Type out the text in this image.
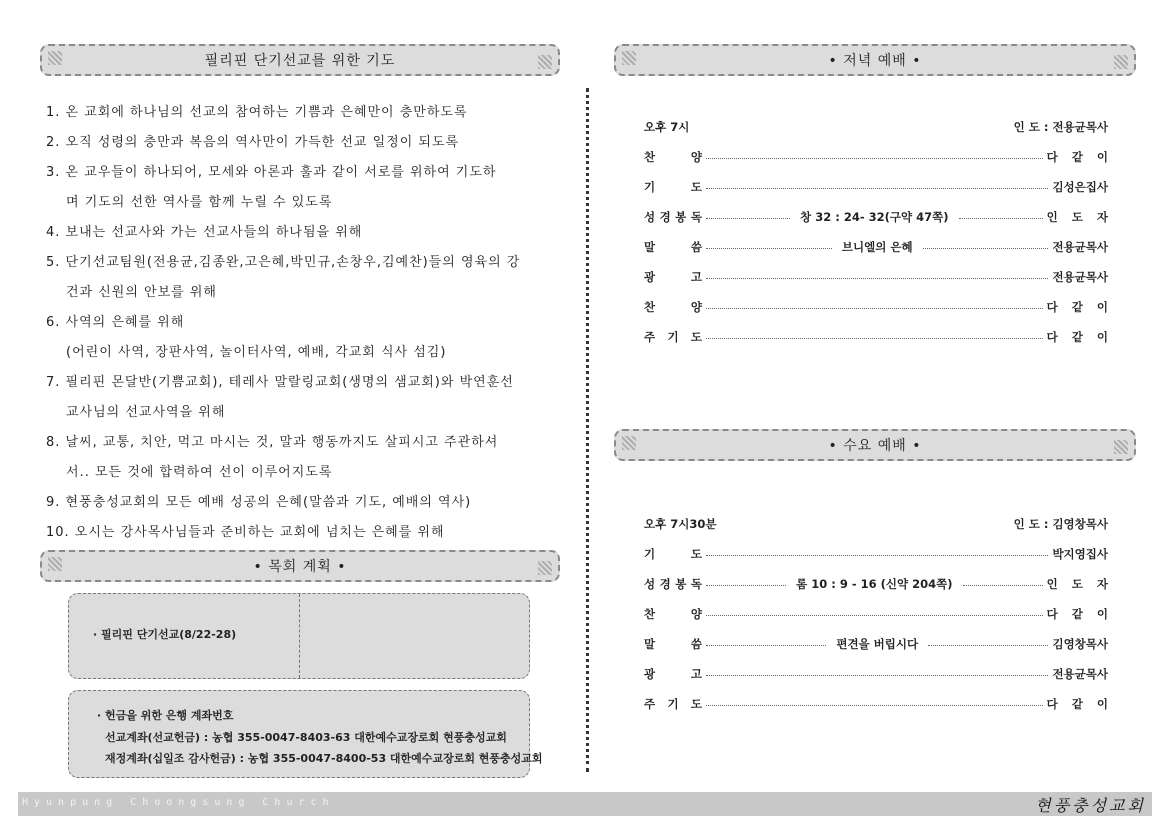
필리핀 단기선교를 위한 기도
1. 온 교회에 하나님의 선교의 참여하는 기쁨과 은혜만이 충만하도록
2. 오직 성령의 충만과 복음의 역사만이 가득한 선교 일정이 되도록
3. 온 교우들이 하나되어, 모세와 아론과 훌과 같이 서로를 위하여 기도하
며 기도의 선한 역사를 함께 누릴 수 있도록
4. 보내는 선교사와 가는 선교사들의 하나됨을 위해
5. 단기선교팀원(전용균,김종완,고은혜,박민규,손창우,김예찬)들의 영육의 강
건과 신원의 안보를 위해
6. 사역의 은혜를 위해
(어린이 사역, 장판사역, 놀이터사역, 예배, 각교회 식사 섬김)
7. 필리핀 몬달반(기쁨교회), 테레사 말랄링교회(생명의 샘교회)와 박연훈선
교사님의 선교사역을 위해
8. 날씨, 교통, 치안, 먹고 마시는 것, 말과 행동까지도 살피시고 주관하셔
서.. 모든 것에 합력하여 선이 이루어지도록
9. 현풍충성교회의 모든 예배 성공의 은혜(말씀과 기도, 예배의 역사)
10. 오시는 강사목사님들과 준비하는 교회에 넘치는 은혜를 위해
• 목회 계획 •
· 필리핀 단기선교(8/22-28)
· 헌금을 위한 은행 계좌번호
선교계좌(선교헌금) : 농협 355-0047-8403-63 대한예수교장로회 현풍충성교회
재정계좌(십일조 감사헌금) : 농협 355-0047-8400-53 대한예수교장로회 현풍충성교회
• 저녁 예배 •
오후 7시	인 도 : 전용균목사
찬	양	다 같 이
기	도	김성은집사
성 경 봉 독	창 32 : 24- 32(구약 47쪽)	인 도 자
말	씀	브니엘의 은혜	전용균목사
광	고	전용균목사
찬	양	다 같 이
주 기 도	다 같 이
• 수요 예배 •
오후 7시30분	인 도 : 김영창목사
기	도	박지영집사
성 경 봉 독	롬 10 : 9 - 16 (신약 204쪽)	인 도 자
찬	양	다 같 이
말	씀	편견을 버립시다	김영창목사
광	고	전용균목사
주 기 도	다 같 이
Hyunpung Choongsung Church	현풍충성교회
